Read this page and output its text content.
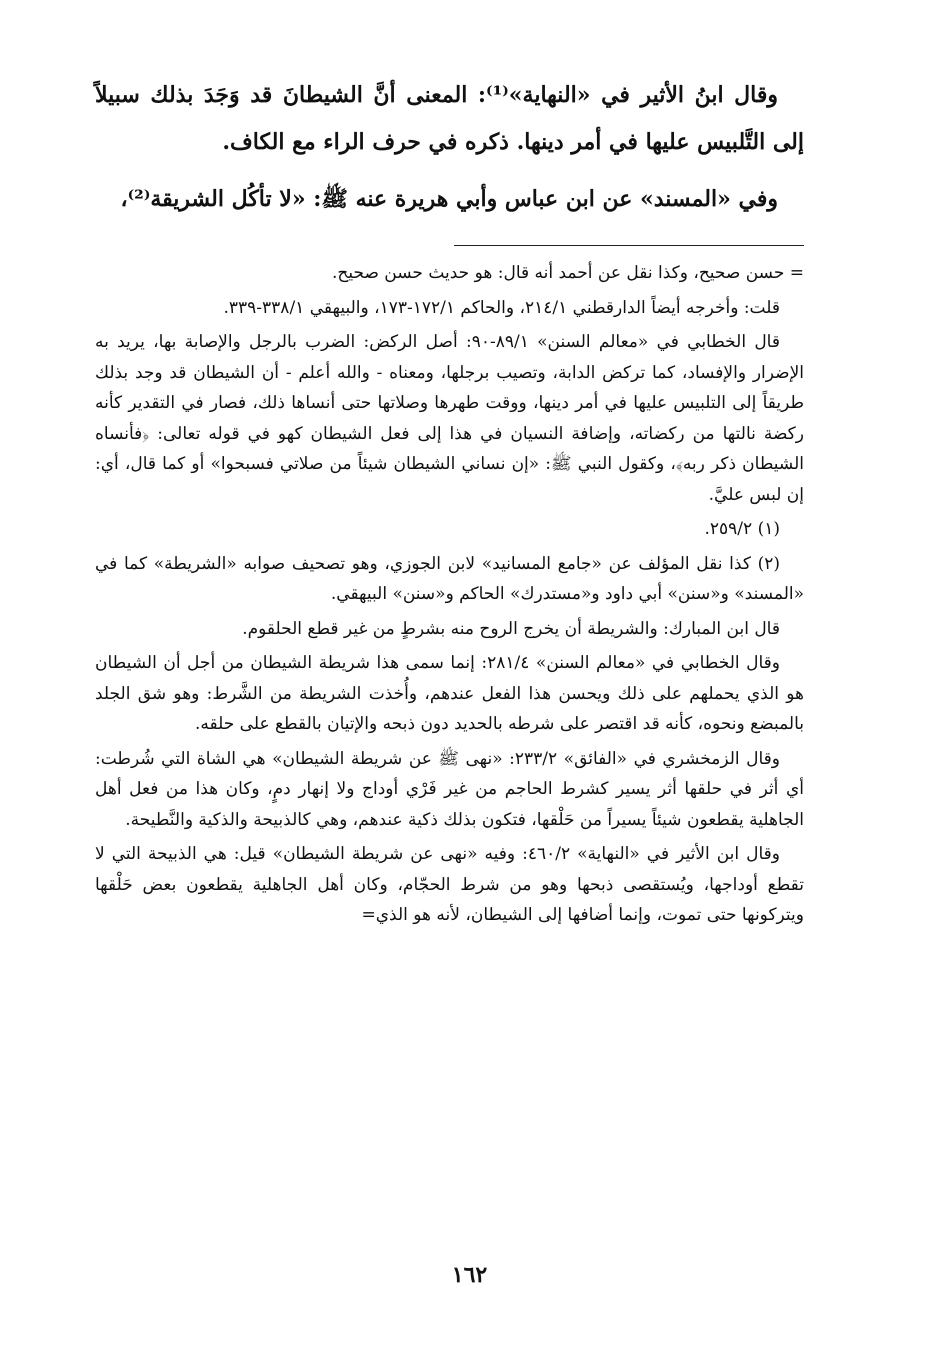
وقال ابنُ الأثير في «النهاية»⁽¹⁾: المعنى أنَّ الشيطانَ قد وَجَدَ بذلك سبيلاً إلى التَّلبيس عليها في أمر دينها. ذكره في حرف الراء مع الكاف.

وفي «المسند» عن ابن عباس وأبي هريرة عنه ﷺ: «لا تأكُل الشريقة⁽²⁾،

= حسن صحيح، وكذا نقل عن أحمد أنه قال: هو حديث حسن صحيح.

قلت: وأخرجه أيضاً الدارقطني ٢١٤/١، والحاكم ١٧٢/١-١٧٣، والبيهقي ٣٣٨/١-٣٣٩.

قال الخطابي في «معالم السنن» ٨٩/١-٩٠: أصل الركض: الضرب بالرجل والإصابة بها، يريد به الإضرار والإفساد، كما تركض الدابة، وتصيب برجلها، ومعناه - والله أعلم - أن الشيطان قد وجد بذلك طريقاً إلى التلبيس عليها في أمر دينها، ووقت طهرها وصلاتها حتى أنساها ذلك، فصار في التقدير كأنه ركضة نالتها من ركضاته، وإضافة النسيان في هذا إلى فعل الشيطان كهو في قوله تعالى: ﴿فأنساه الشيطان ذكر ربه﴾، وكقول النبي ﷺ: «إن نساني الشيطان شيئاً من صلاتي فسبحوا» أو كما قال، أي: إن لبس عليَّ.

(١) ٢٥٩/٢.

(٢) كذا نقل المؤلف عن «جامع المسانيد» لابن الجوزي، وهو تصحيف صوابه «الشريطة» كما في «المسند» و«سنن» أبي داود و«مستدرك» الحاكم و«سنن» البيهقي.

قال ابن المبارك: والشريطة أن يخرج الروح منه بشرطٍ من غير قطع الحلقوم.

وقال الخطابي في «معالم السنن» ٢٨١/٤: إنما سمى هذا شريطة الشيطان من أجل أن الشيطان هو الذي يحملهم على ذلك ويحسن هذا الفعل عندهم، وأُخذت الشريطة من الشَّرط: وهو شق الجلد بالمبضع ونحوه، كأنه قد اقتصر على شرطه بالحديد دون ذبحه والإتيان بالقطع على حلقه.

وقال الزمخشري في «الفائق» ٢٣٣/٢: «نهى ﷺ عن شريطة الشيطان» هي الشاة التي شُرطت: أي أثر في حلقها أثر يسير كشرط الحاجم من غير فَرْي أوداج ولا إنهار دمٍ، وكان هذا من فعل أهل الجاهلية يقطعون شيئاً يسيراً من حَلْقها، فتكون بذلك ذكية عندهم، وهي كالذبيحة والذكية والنَّطيحة.

وقال ابن الأثير في «النهاية» ٤٦٠/٢: وفيه «نهى عن شريطة الشيطان» قيل: هي الذبيحة التي لا تقطع أوداجها، ويُستقصى ذبحها وهو من شرط الحجّام، وكان أهل الجاهلية يقطعون بعض حَلْقها ويتركونها حتى تموت، وإنما أضافها إلى الشيطان، لأنه هو الذي=

١٦٢
